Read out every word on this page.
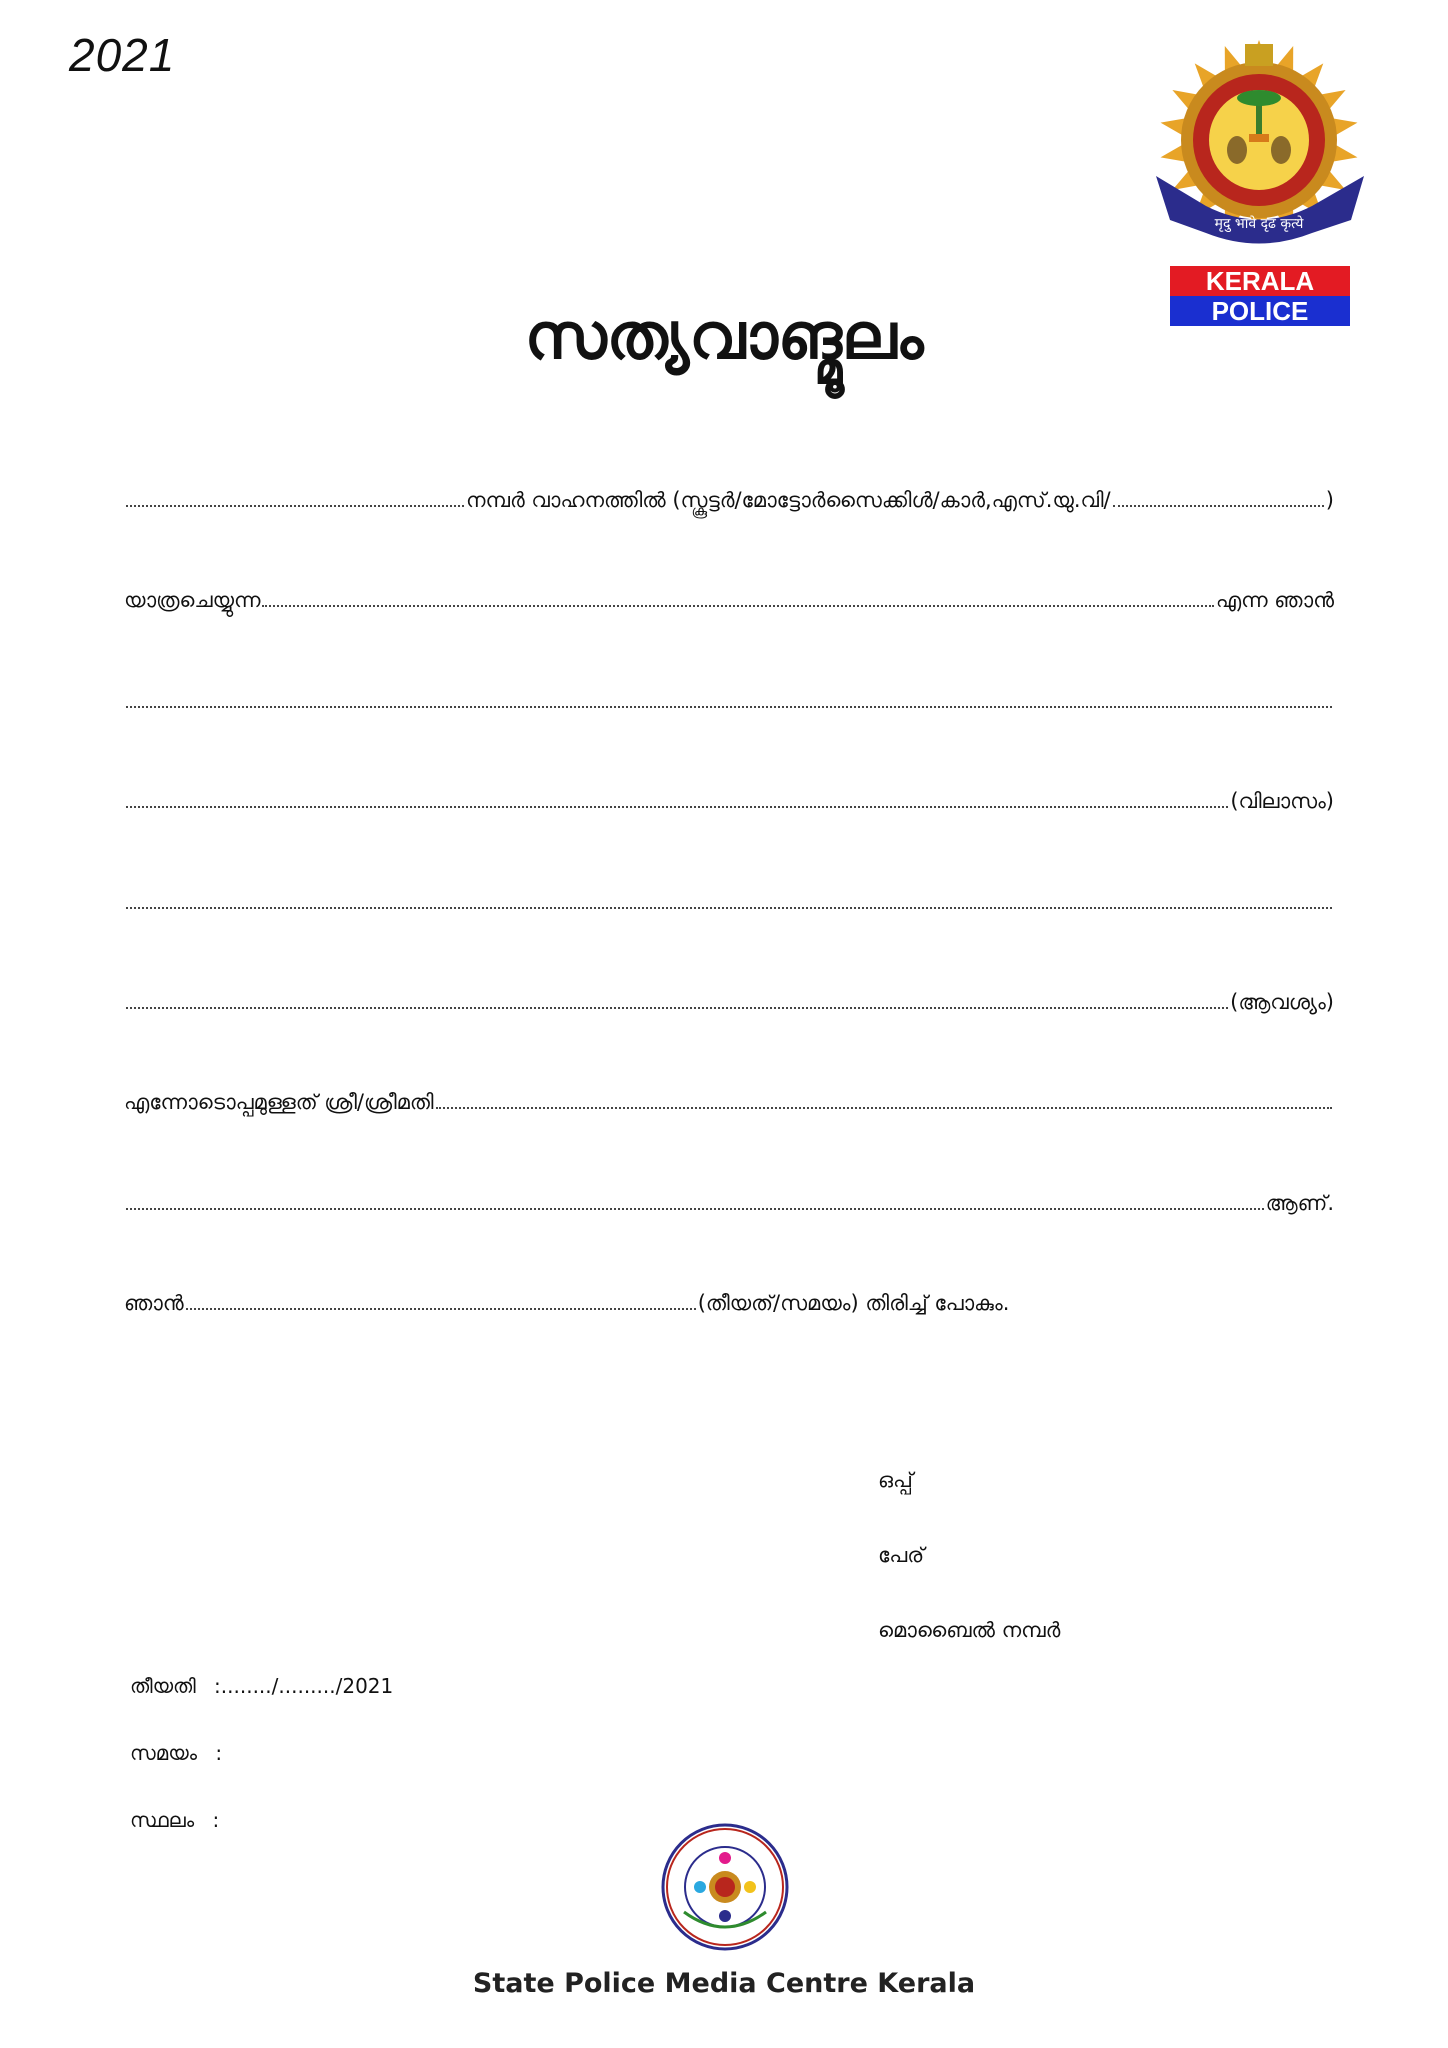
2021
मृदु भावे दृढ कृत्ये
KERALA
POLICE
സത്യവാങ്മൂലം
നമ്പർ വാഹനത്തിൽ (സ്കൂട്ടർ/മോട്ടോർസൈക്കിൾ/കാർ,എസ്.യു.വി/	)
യാത്രചെയ്യുന്ന	എന്ന ഞാൻ
(വിലാസം)
(ആവശ്യം)
എന്നോടൊപ്പമുള്ളത് ശ്രീ/ശ്രീമതി
ആണ്.
ഞാൻ	(തീയത്/സമയം) തിരിച്ച് പോകും.
ഒപ്പ്
പേര്
മൊബൈൽ നമ്പർ
തീയതി :......../........./2021
സമയം :
സ്ഥലം :
State Police Media Centre Kerala
